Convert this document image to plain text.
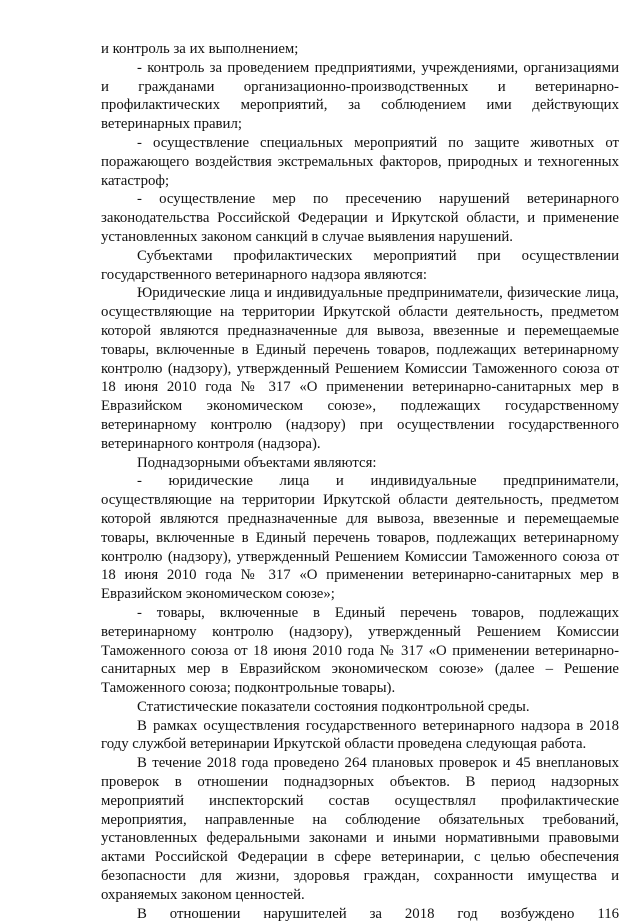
и контроль за их выполнением;

- контроль за проведением предприятиями, учреждениями, организациями и гражданами организационно-производственных и ветеринарно-профилактических мероприятий, за соблюдением ими действующих ветеринарных правил;

- осуществление специальных мероприятий по защите животных от поражающего воздействия экстремальных факторов, природных и техногенных катастроф;

- осуществление мер по пресечению нарушений ветеринарного законодательства Российской Федерации и Иркутской области, и применение установленных законом санкций в случае выявления нарушений.

Субъектами профилактических мероприятий при осуществлении государственного ветеринарного надзора являются:

Юридические лица и индивидуальные предприниматели, физические лица, осуществляющие на территории Иркутской области деятельность, предметом которой являются предназначенные для вывоза, ввезенные и перемещаемые товары, включенные в Единый перечень товаров, подлежащих ветеринарному контролю (надзору), утвержденный Решением Комиссии Таможенного союза от 18 июня 2010 года № 317 «О применении ветеринарно-санитарных мер в Евразийском экономическом союзе», подлежащих государственному ветеринарному контролю (надзору) при осуществлении государственного ветеринарного контроля (надзора).

Поднадзорными объектами являются:

- юридические лица и индивидуальные предприниматели, осуществляющие на территории Иркутской области деятельность, предметом которой являются предназначенные для вывоза, ввезенные и перемещаемые товары, включенные в Единый перечень товаров, подлежащих ветеринарному контролю (надзору), утвержденный Решением Комиссии Таможенного союза от 18 июня 2010 года № 317 «О применении ветеринарно-санитарных мер в Евразийском экономическом союзе»;

- товары, включенные в Единый перечень товаров, подлежащих ветеринарному контролю (надзору), утвержденный Решением Комиссии Таможенного союза от 18 июня 2010 года № 317 «О применении ветеринарно-санитарных мер в Евразийском экономическом союзе» (далее – Решение Таможенного союза; подконтрольные товары).

Статистические показатели состояния подконтрольной среды.

В рамках осуществления государственного ветеринарного надзора в 2018 году службой ветеринарии Иркутской области проведена следующая работа.

В течение 2018 года проведено 264 плановых проверок и 45 внеплановых проверок в отношении поднадзорных объектов. В период надзорных мероприятий инспекторский состав осуществлял профилактические мероприятия, направленные на соблюдение обязательных требований, установленных федеральными законами и иными нормативными правовыми актами Российской Федерации в сфере ветеринарии, с целью обеспечения безопасности для жизни, здоровья граждан, сохранности имущества и охраняемых законом ценностей.

В отношении нарушителей за 2018 год возбуждено 116
